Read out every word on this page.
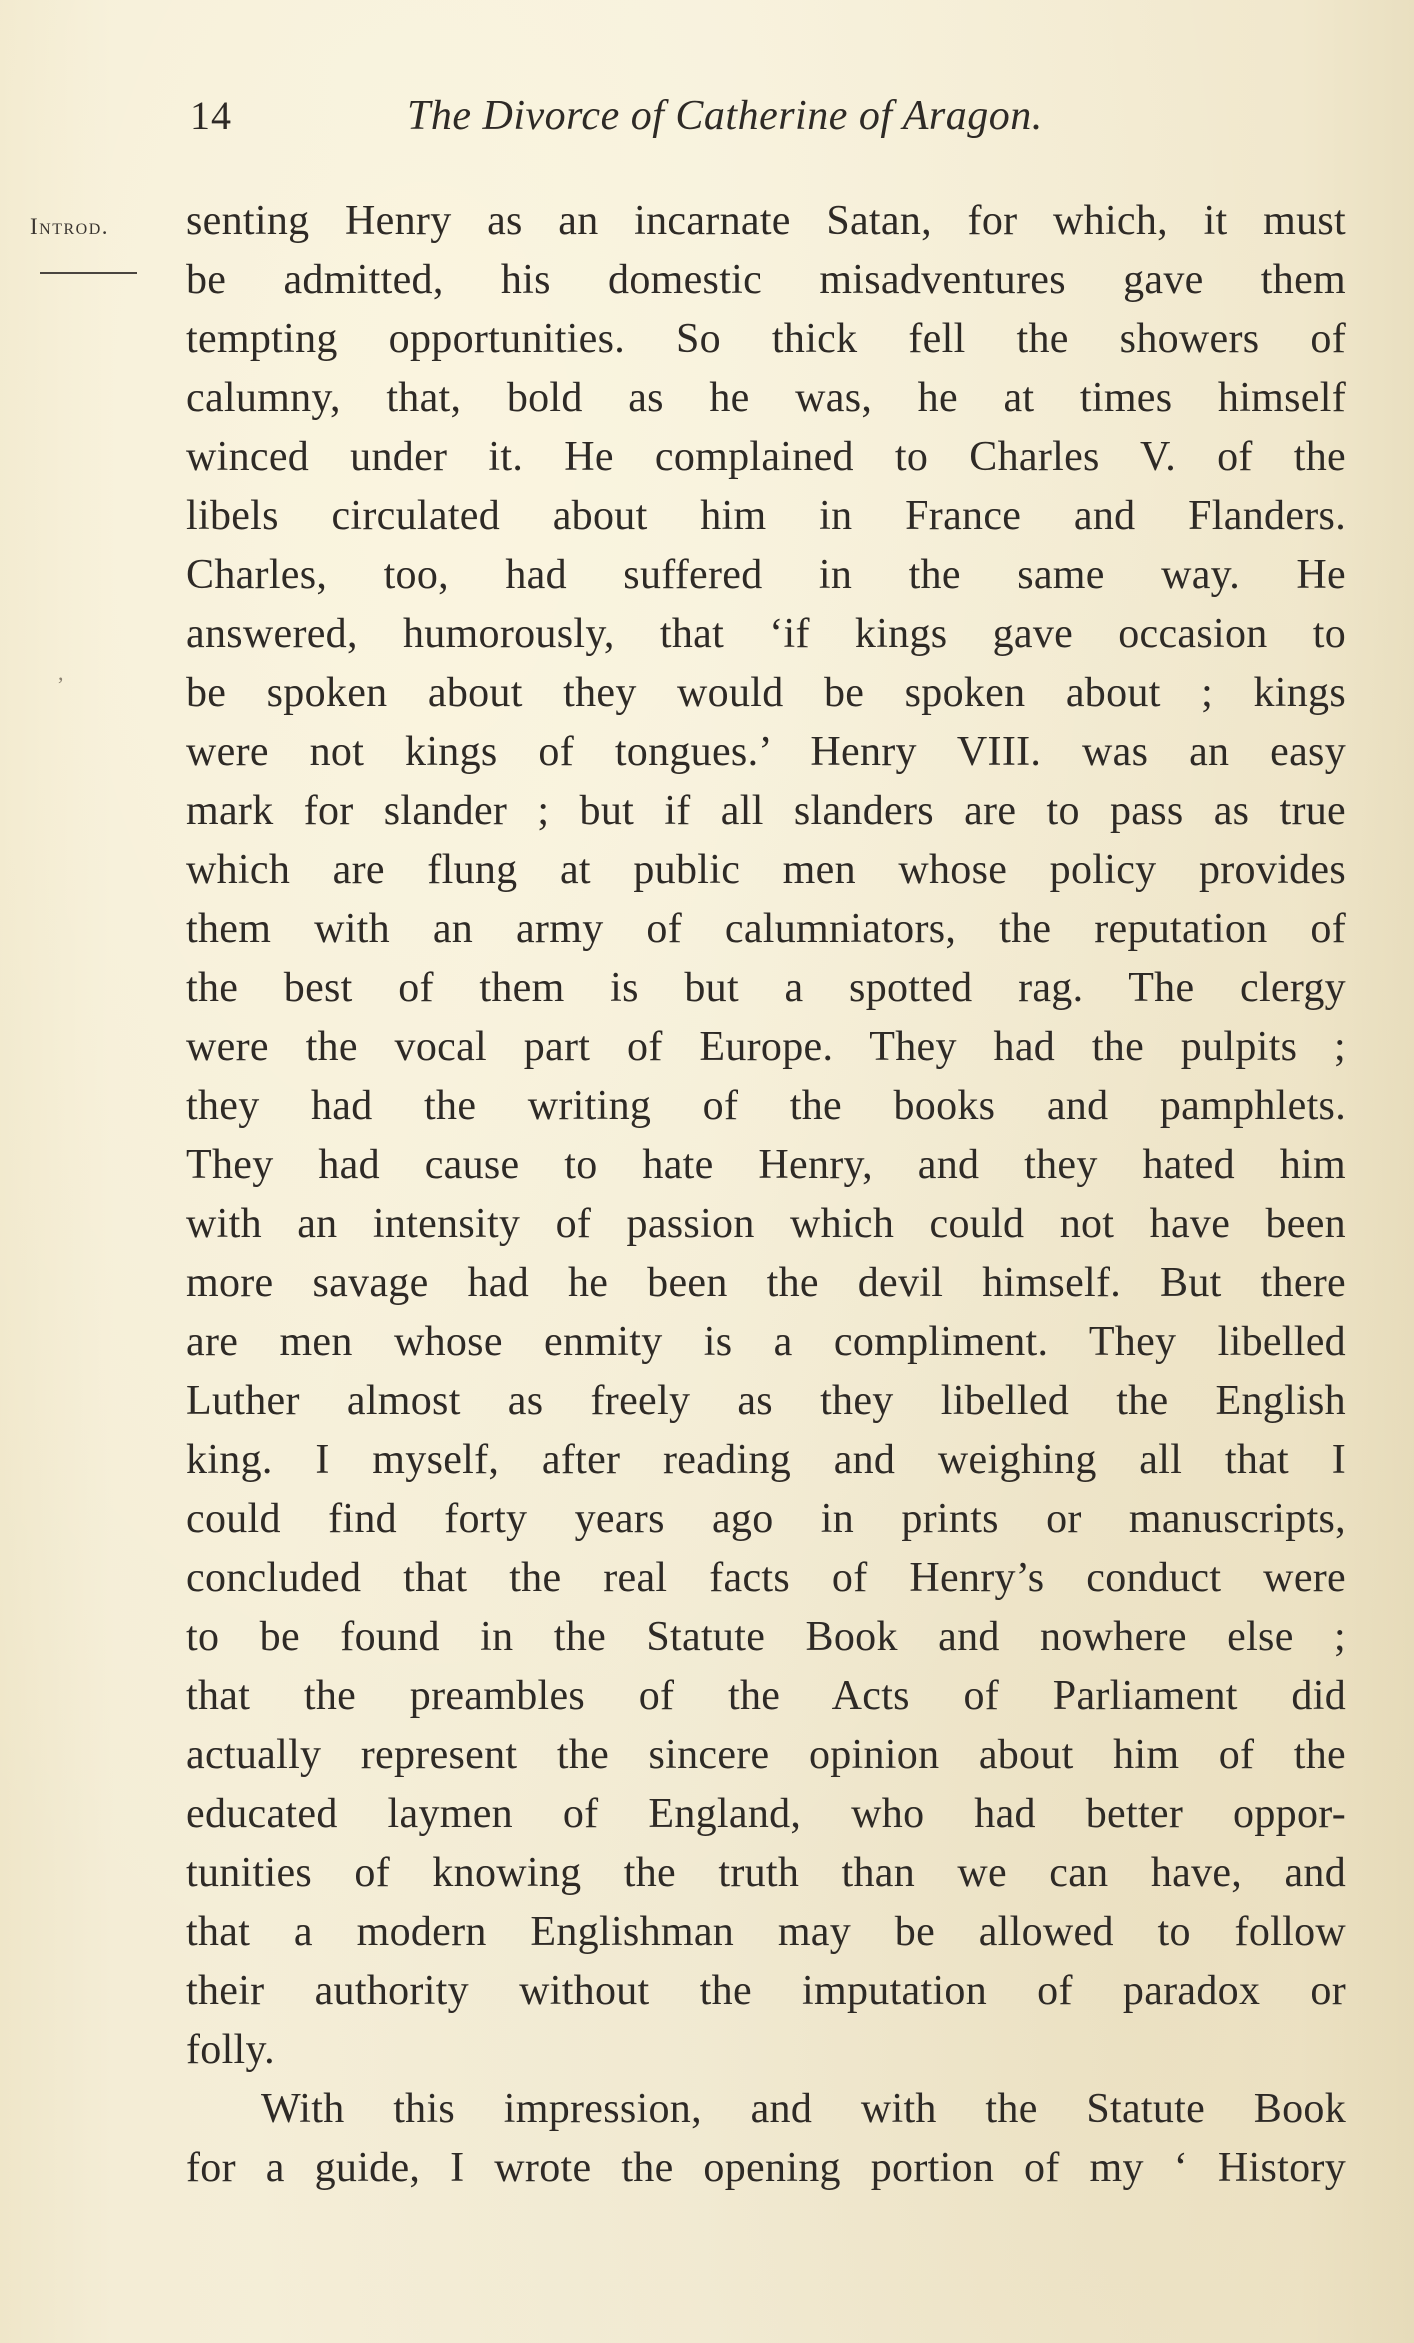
14	The Divorce of Catherine of Aragon.
Introd.
,
senting Henry as an incarnate Satan, for which, it must
be admitted, his domestic misadventures gave them
tempting opportunities. So thick fell the showers of
calumny, that, bold as he was, he at times himself
winced under it. He complained to Charles V. of the
libels circulated about him in France and Flanders.
Charles, too, had suffered in the same way. He
answered, humorously, that ‘if kings gave occasion to
be spoken about they would be spoken about ; kings
were not kings of tongues.’ Henry VIII. was an easy
mark for slander ; but if all slanders are to pass as true
which are flung at public men whose policy provides
them with an army of calumniators, the reputation of
the best of them is but a spotted rag. The clergy
were the vocal part of Europe. They had the pulpits ;
they had the writing of the books and pamphlets.
They had cause to hate Henry, and they hated him
with an intensity of passion which could not have been
more savage had he been the devil himself. But there
are men whose enmity is a compliment. They libelled
Luther almost as freely as they libelled the English
king. I myself, after reading and weighing all that I
could find forty years ago in prints or manuscripts,
concluded that the real facts of Henry’s conduct were
to be found in the Statute Book and nowhere else ;
that the preambles of the Acts of Parliament did
actually represent the sincere opinion about him of the
educated laymen of England, who had better oppor-
tunities of knowing the truth than we can have, and
that a modern Englishman may be allowed to follow
their authority without the imputation of paradox or
folly.
With this impression, and with the Statute Book
for a guide, I wrote the opening portion of my ‘ History
